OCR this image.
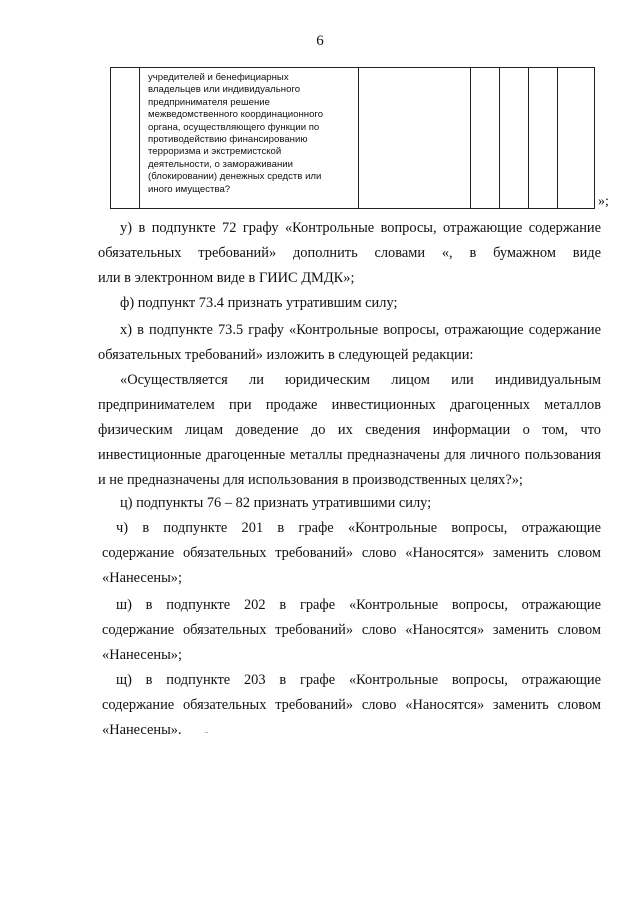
6

учредителей и бенефициарных
владельцев или индивидуального
предпринимателя решение
межведомственного координационного
органа, осуществляющего функции по
противодействию финансированию
терроризма и экстремистской
деятельности, о замораживании
(блокировании) денежных средств или
иного имущества?

»;
у) в подпункте 72 графу «Контрольные вопросы, отражающие содержание
обязательных требований» дополнить словами «, в бумажном виде
или в электронном виде в ГИИС ДМДК»;
ф) подпункт 73.4 признать утратившим силу;
х) в подпункте 73.5 графу «Контрольные вопросы, отражающие содержание
обязательных требований» изложить в следующей редакции:
«Осуществляется ли юридическим лицом или индивидуальным
предпринимателем при продаже инвестиционных драгоценных металлов
физическим лицам доведение до их сведения информации о том, что
инвестиционные драгоценные металлы предназначены для личного пользования
и не предназначены для использования в производственных целях?»;
ц) подпункты 76 – 82 признать утратившими силу;
ч) в подпункте 201 в графе «Контрольные вопросы, отражающие
содержание обязательных требований» слово «Наносятся» заменить словом
«Нанесены»;
ш) в подпункте 202 в графе «Контрольные вопросы, отражающие
содержание обязательных требований» слово «Наносятся» заменить словом
«Нанесены»;
щ) в подпункте 203 в графе «Контрольные вопросы, отражающие
содержание обязательных требований» слово «Наносятся» заменить словом
«Нанесены».
